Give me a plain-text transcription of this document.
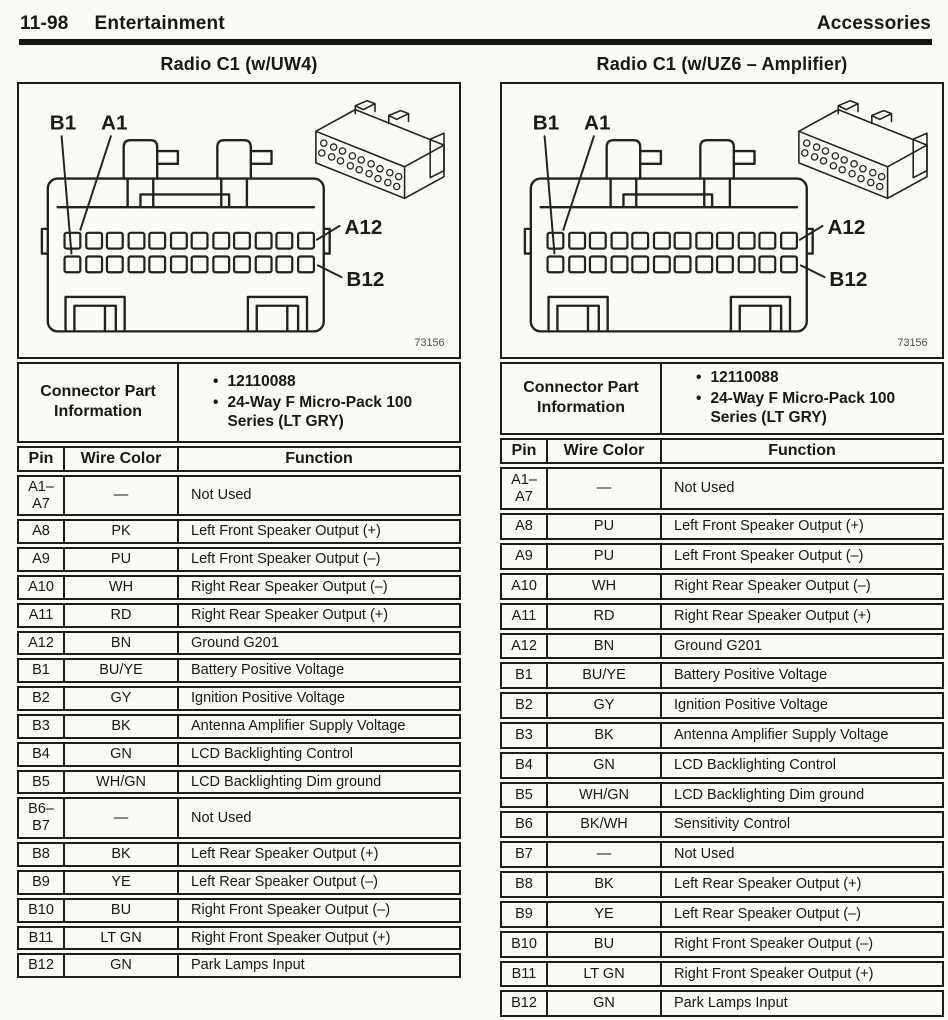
11-98 Entertainment	Accessories
Radio C1 (w/UW4)
B1 A1
A12
B12
73156
Connector Part Information		• 12110088
• 24-Way F Micro-Pack 100 Series (LT GRY)

Pin	Wire Color	Function
A1– A7	—	Not Used
A8	PK	Left Front Speaker Output (+)
A9	PU	Left Front Speaker Output (–)
A10	WH	Right Rear Speaker Output (–)
A11	RD	Right Rear Speaker Output (+)
A12	BN	Ground G201
B1	BU/YE	Battery Positive Voltage
B2	GY	Ignition Positive Voltage
B3	BK	Antenna Amplifier Supply Voltage
B4	GN	LCD Backlighting Control
B5	WH/GN	LCD Backlighting Dim ground
B6– B7	—	Not Used
B8	BK	Left Rear Speaker Output (+)
B9	YE	Left Rear Speaker Output (–)
B10	BU	Right Front Speaker Output (–)
B11	LT GN	Right Front Speaker Output (+)
B12	GN	Park Lamps Input
Radio C1 (w/UZ6 – Amplifier)
B1 A1
A12
B12
73156
Connector Part Information		• 12110088
• 24-Way F Micro-Pack 100 Series (LT GRY)

Pin	Wire Color	Function
A1– A7	—	Not Used
A8	PU	Left Front Speaker Output (+)
A9	PU	Left Front Speaker Output (–)
A10	WH	Right Rear Speaker Output (–)
A11	RD	Right Rear Speaker Output (+)
A12	BN	Ground G201
B1	BU/YE	Battery Positive Voltage
B2	GY	Ignition Positive Voltage
B3	BK	Antenna Amplifier Supply Voltage
B4	GN	LCD Backlighting Control
B5	WH/GN	LCD Backlighting Dim ground
B6	BK/WH	Sensitivity Control
B7	—	Not Used
B8	BK	Left Rear Speaker Output (+)
B9	YE	Left Rear Speaker Output (–)
B10	BU	Right Front Speaker Output (–)
B11	LT GN	Right Front Speaker Output (+)
B12	GN	Park Lamps Input
